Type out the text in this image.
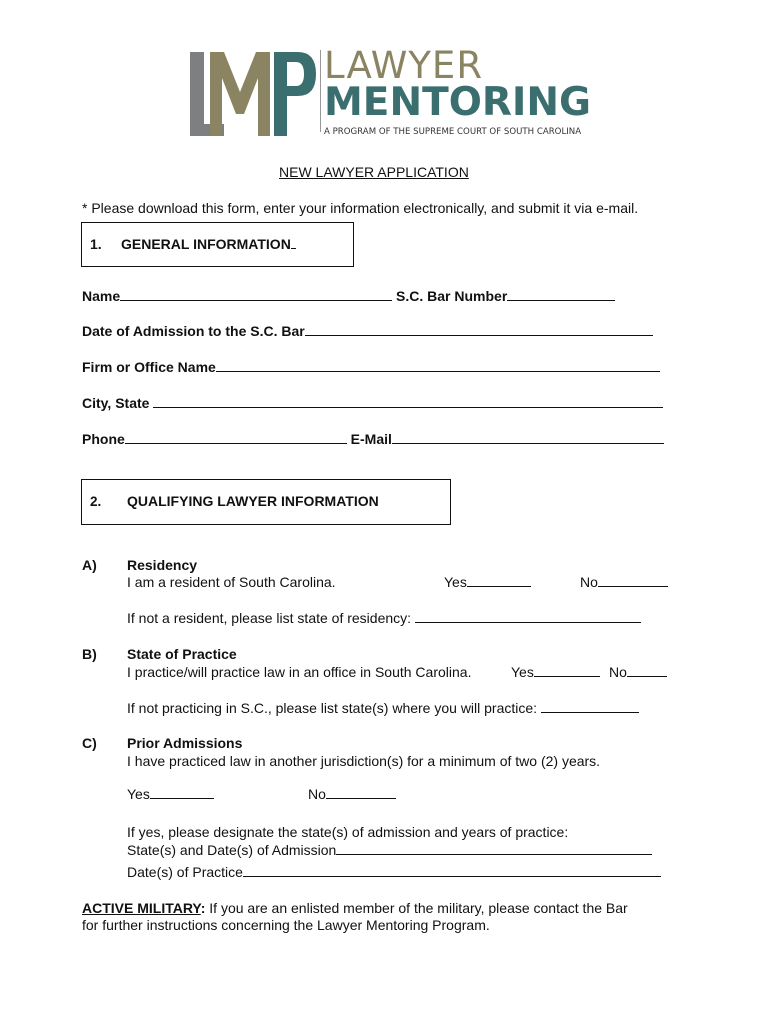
LAWYER
MENTORING
A PROGRAM OF THE SUPREME COURT OF SOUTH CAROLINA
NEW LAWYER APPLICATION
* Please download this form, enter your information electronically, and submit it via e-mail.
1. GENERAL INFORMATION
Name	S.C. Bar Number
Date of Admission to the S.C. Bar
Firm or Office Name
City, State
Phone	E-Mail
2. QUALIFYING LAWYER INFORMATION
A) Residency
I am a resident of South Carolina.	Yes	No
If not a resident, please list state of residency:
B) State of Practice
I practice/will practice law in an office in South Carolina.	Yes	No
If not practicing in S.C., please list state(s) where you will practice:
C) Prior Admissions
I have practiced law in another jurisdiction(s) for a minimum of two (2) years.
Yes	No
If yes, please designate the state(s) of admission and years of practice:
State(s) and Date(s) of Admission
Date(s) of Practice
ACTIVE MILITARY: If you are an enlisted member of the military, please contact the Bar
for further instructions concerning the Lawyer Mentoring Program.
